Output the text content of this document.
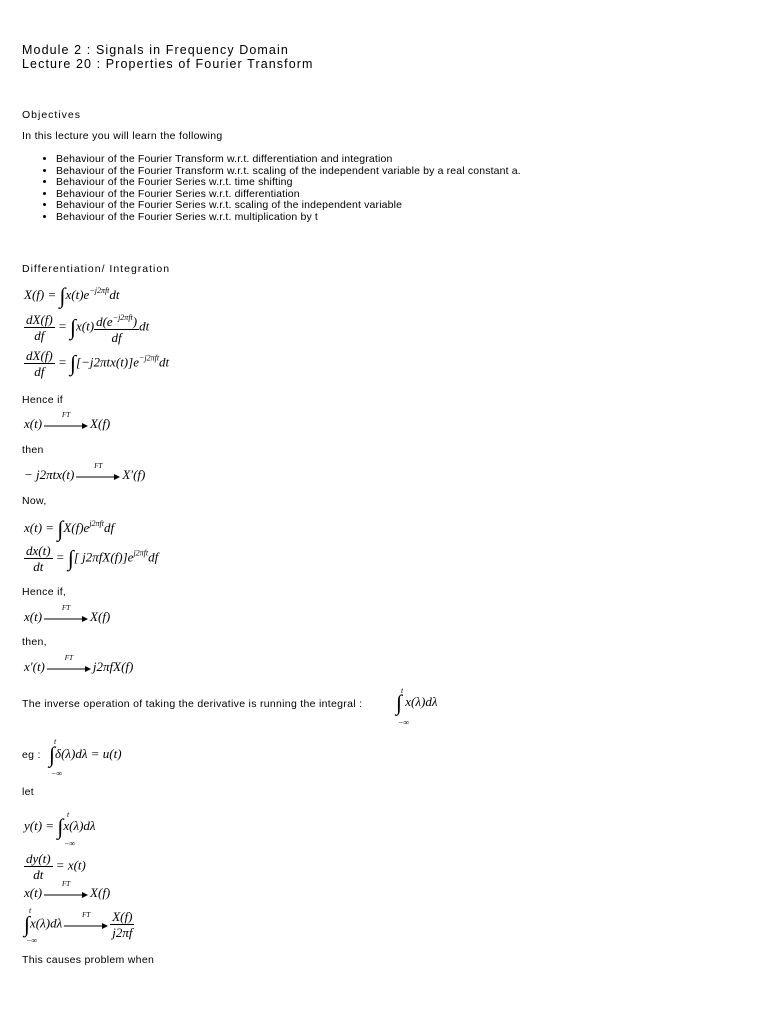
Module 2 : Signals in Frequency Domain
Lecture 20 : Properties of Fourier Transform
Objectives
In this lecture you will learn the following
• Behaviour of the Fourier Transform w.r.t. differentiation and integration
• Behaviour of the Fourier Transform w.r.t. scaling of the independent variable by a real constant a.
• Behaviour of the Fourier Series w.r.t. time shifting
• Behaviour of the Fourier Series w.r.t. differentiation
• Behaviour of the Fourier Series w.r.t. scaling of the independent variable
• Behaviour of the Fourier Series w.r.t. multiplication by t
Differentiation/ Integration
$X(f) = \int x(t)e^{-j2\pi ft}dt$
$\frac{dX(f)}{df} = \int x(t) \frac{d(e^{-j2\pi ft})}{df}$ dt
$\frac{dX(f)}{df} = \int[-j2\pi tx(t)]e^{-j2\pi ft}dt$
Hence if
x(t)
FT
X(f)
then
− j2πtx(t)
FT
X′(f)
Now,
$x(t) = \int X(f)e^{j2\pi ft}df$
$\frac{dx(t)}{dt}$ = ∫[ $j2\pi fX(f)]e^{j2\pi ft}df$
Hence if,
x(t)
FT
X(f)
then,
x′(t)
FT
j2πfX(f)
The inverse operation of taking the derivative is running the integral : ∫ x(λ)dλ
t
−∞
eg : ∫δ(λ)dλ = u(t)
t
−∞
let
y(t) = ∫x(λ)dλ
t
−∞
$\frac{dy(t)}{dt} = x(t)$
x(t)
FT
X(f)
∫x(λ)dλ
FT	$\frac{X(f)}{j2\pi f}$
t
−∞
This causes problem when
